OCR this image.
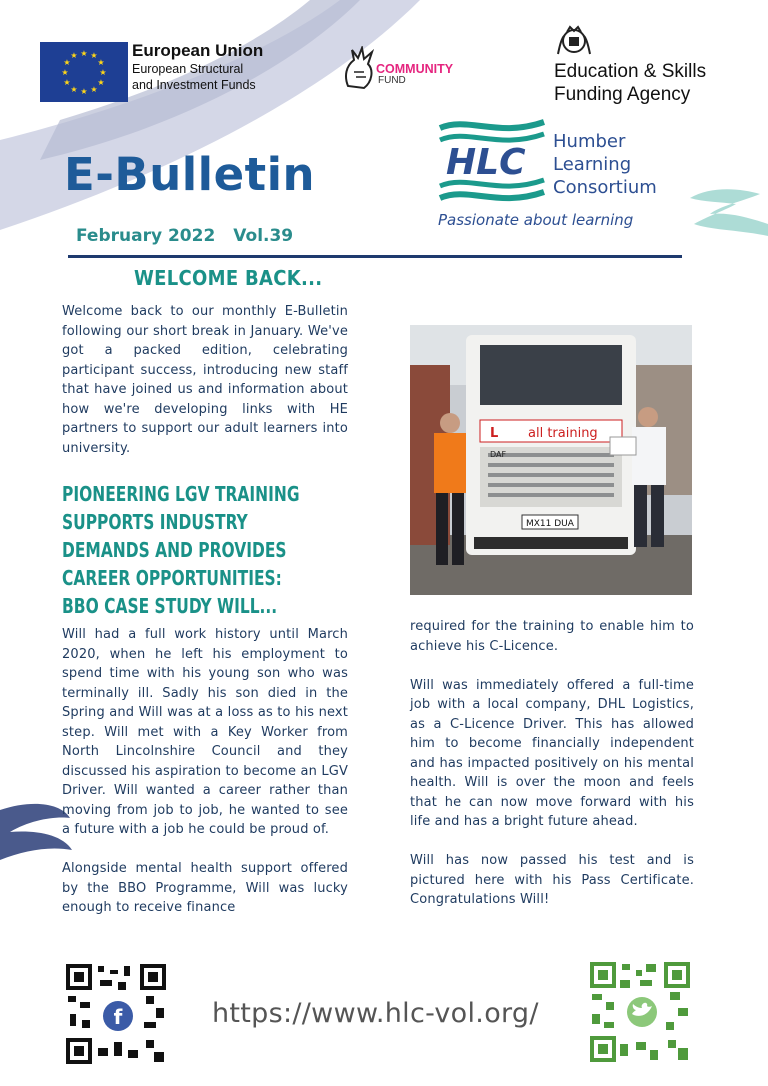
★ ★
★
★
★
★
★
★
★
★
★
★	European Union
European Structural
and Investment Funds
COMMUNITY
FUND	Education & Skills
Funding Agency
HLC
Humber
Learning
Consortium
Passionate about learning
E-Bulletin
February 2022 Vol.39
WELCOME BACK...
Welcome back to our monthly E-Bulletin following our short break in January. We've got a packed edition, celebrating participant success, introducing new staff that have joined us and information about how we're developing links with HE partners to support our adult learners into university.
PIONEERING LGV TRAINING SUPPORTS INDUSTRY DEMANDS AND PROVIDES CAREER OPPORTUNITIES: BBO CASE STUDY WILL...

Will had a full work history until March 2020, when he left his employment to spend time with his young son who was terminally ill. Sadly his son died in the Spring and Will was at a loss as to his next step. Will met with a Key Worker from North Lincolnshire Council and they discussed his aspiration to become an LGV Driver. Will wanted a career rather than moving from job to job, he wanted to see a future with a job he could be proud of.

Alongside mental health support offered by the BBO Programme, Will was lucky enough to receive finance

all training
L
DAF
MX11 DUA

required for the training to enable him to achieve his C-Licence.

Will was immediately offered a full-time job with a local company, DHL Logistics, as a C-Licence Driver. This has allowed him to become financially independent and has impacted positively on his mental health. Will is over the moon and feels that he can now move forward with his life and has a bright future ahead.

Will has now passed his test and is pictured here with his Pass Certificate. Congratulations Will!

f	https://www.hlc-vol.org/
